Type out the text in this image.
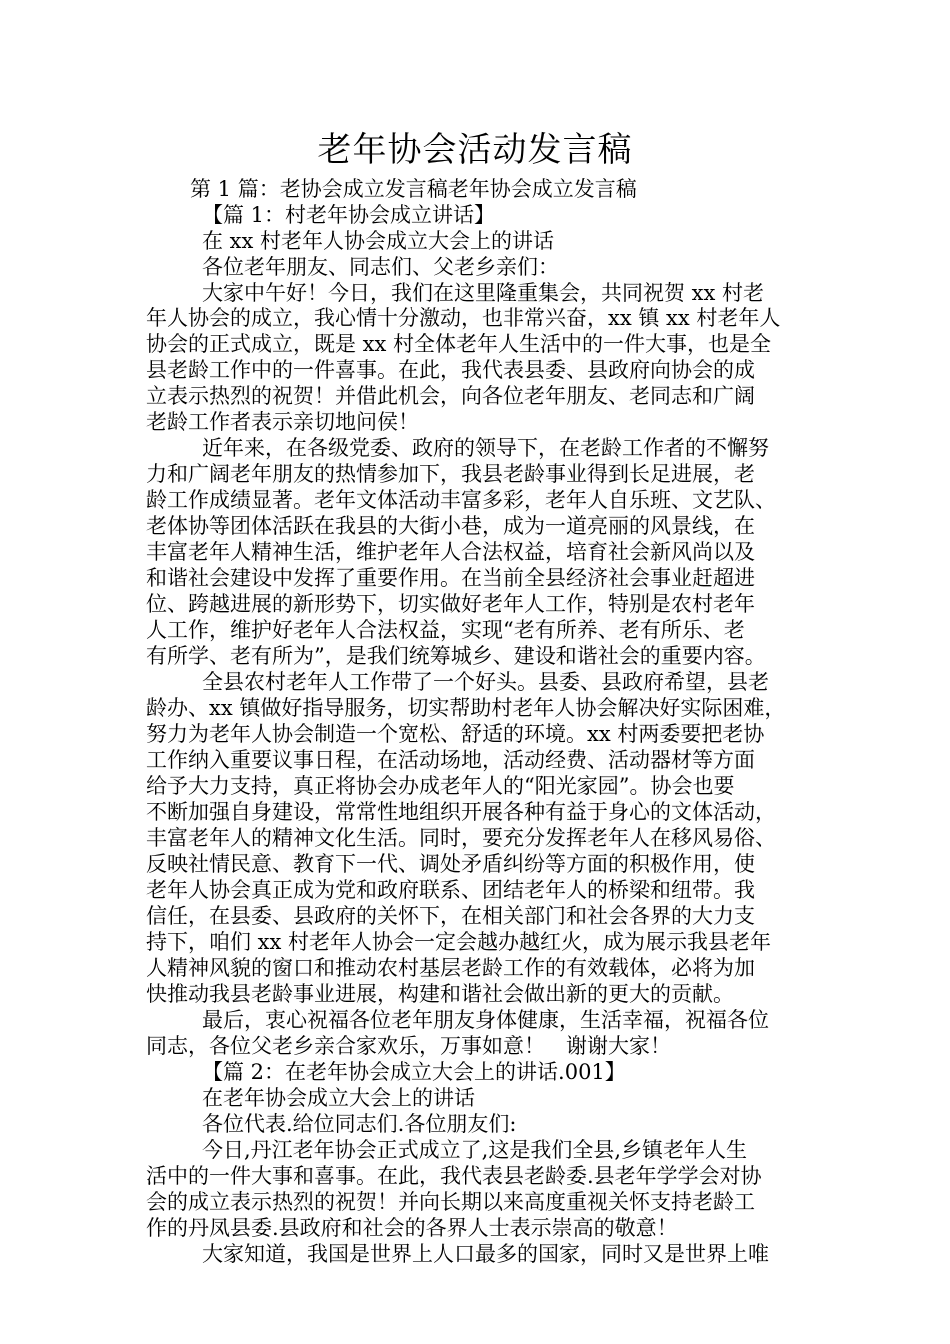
老年协会活动发言稿
第 1 篇：老协会成立发言稿老年协会成立发言稿
【篇 1：村老年协会成立讲话】
在 xx 村老年人协会成立大会上的讲话
各位老年朋友、同志们、父老乡亲们：
大家中午好！今日，我们在这里隆重集会，共同祝贺 xx 村老
年人协会的成立，我心情十分激动，也非常兴奋，xx 镇 xx 村老年人
协会的正式成立，既是 xx 村全体老年人生活中的一件大事，也是全
县老龄工作中的一件喜事。在此，我代表县委、县政府向协会的成
立表示热烈的祝贺！并借此机会，向各位老年朋友、老同志和广阔
老龄工作者表示亲切地问侯！
近年来，在各级党委、政府的领导下，在老龄工作者的不懈努
力和广阔老年朋友的热情参加下，我县老龄事业得到长足进展，老
龄工作成绩显著。老年文体活动丰富多彩，老年人自乐班、文艺队、
老体协等团体活跃在我县的大街小巷，成为一道亮丽的风景线，在
丰富老年人精神生活，维护老年人合法权益，培育社会新风尚以及
和谐社会建设中发挥了重要作用。在当前全县经济社会事业赶超进
位、跨越进展的新形势下，切实做好老年人工作，特别是农村老年
人工作，维护好老年人合法权益，实现“老有所养、老有所乐、老
有所学、老有所为”，是我们统筹城乡、建设和谐社会的重要内容。
全县农村老年人工作带了一个好头。县委、县政府希望，县老
龄办、xx 镇做好指导服务，切实帮助村老年人协会解决好实际困难，
努力为老年人协会制造一个宽松、舒适的环境。xx 村两委要把老协
工作纳入重要议事日程，在活动场地，活动经费、活动器材等方面
给予大力支持，真正将协会办成老年人的“阳光家园”。协会也要
不断加强自身建设，常常性地组织开展各种有益于身心的文体活动，
丰富老年人的精神文化生活。同时，要充分发挥老年人在移风易俗、
反映社情民意、教育下一代、调处矛盾纠纷等方面的积极作用，使
老年人协会真正成为党和政府联系、团结老年人的桥梁和纽带。我
信任，在县委、县政府的关怀下，在相关部门和社会各界的大力支
持下，咱们 xx 村老年人协会一定会越办越红火，成为展示我县老年
人精神风貌的窗口和推动农村基层老龄工作的有效载体，必将为加
快推动我县老龄事业进展，构建和谐社会做出新的更大的贡献。
最后，衷心祝福各位老年朋友身体健康，生活幸福，祝福各位
同志，各位父老乡亲合家欢乐，万事如意！　谢谢大家！
【篇 2：在老年协会成立大会上的讲话.001】
在老年协会成立大会上的讲话
各位代表.给位同志们.各位朋友们:
今日,丹江老年协会正式成立了,这是我们全县,乡镇老年人生
活中的一件大事和喜事。在此，我代表县老龄委.县老年学学会对协
会的成立表示热烈的祝贺！并向长期以来高度重视关怀支持老龄工
作的丹凤县委.县政府和社会的各界人士表示崇高的敬意！
大家知道，我国是世界上人口最多的国家，同时又是世界上唯
